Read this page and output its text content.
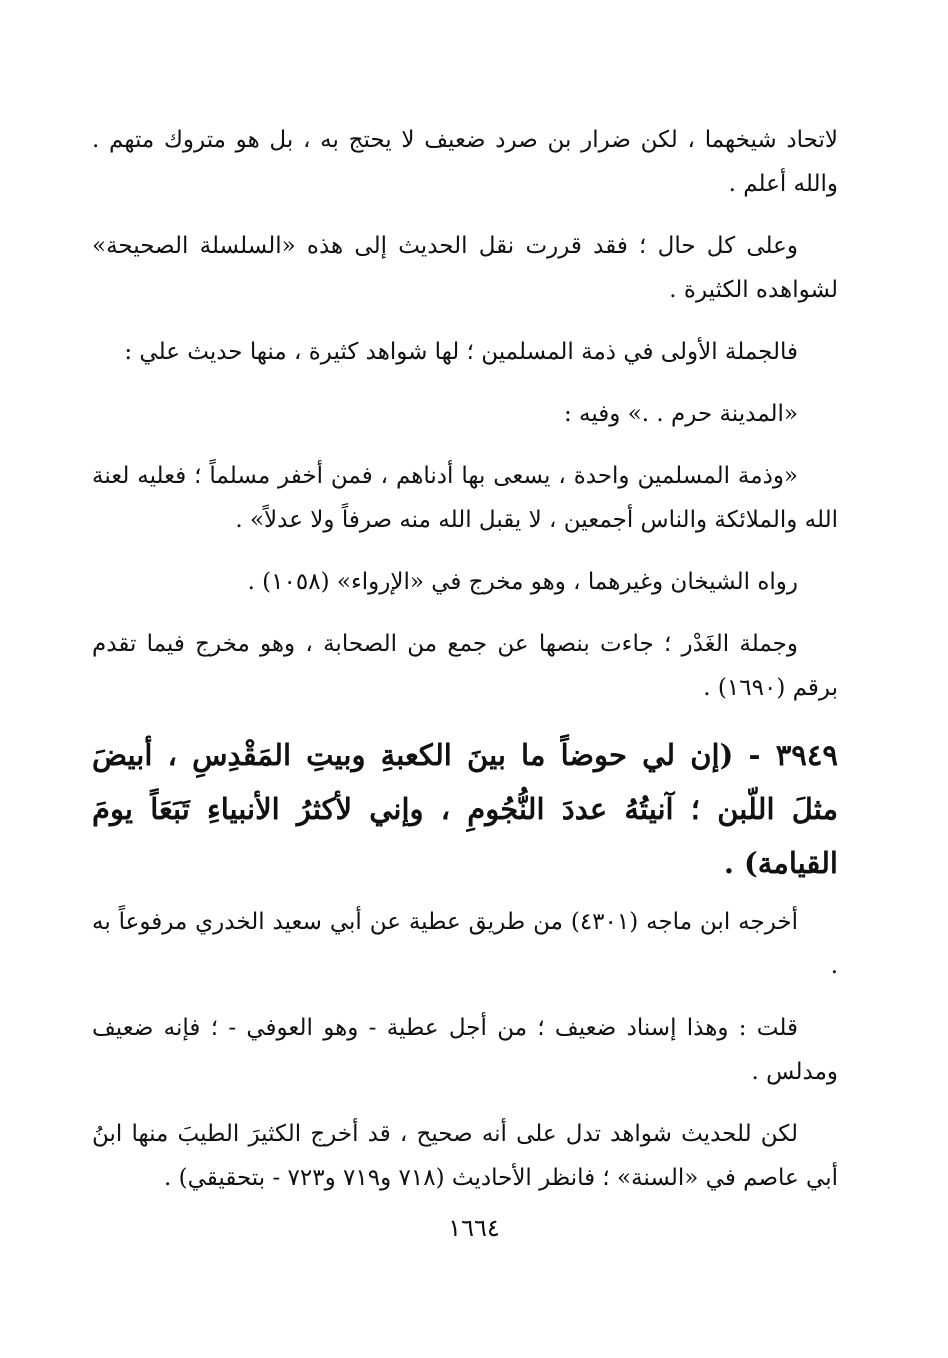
لاتحاد شيخهما ، لكن ضرار بن صرد ضعيف لا يحتج به ، بل هو متروك متهم . والله أعلم .

وعلى كل حال ؛ فقد قررت نقل الحديث إلى هذه «السلسلة الصحيحة» لشواهده الكثيرة .

فالجملة الأولى في ذمة المسلمين ؛ لها شواهد كثيرة ، منها حديث علي :

«المدينة حرم . .» وفيه :

«وذمة المسلمين واحدة ، يسعى بها أدناهم ، فمن أخفر مسلماً ؛ فعليه لعنة الله والملائكة والناس أجمعين ، لا يقبل الله منه صرفاً ولا عدلاً» .

رواه الشيخان وغيرهما ، وهو مخرج في «الإرواء» (١٠٥٨) .

وجملة الغَدْر ؛ جاءت بنصها عن جمع من الصحابة ، وهو مخرج فيما تقدم برقم (١٦٩٠) .

٣٩٤٩ - (إن لي حوضاً ما بينَ الكعبةِ وبيتِ المَقْدِسِ ، أبيضَ مثلَ اللّبن ؛ آنيتُهُ عددَ النُّجُومِ ، وإني لأكثرُ الأنبياءِ تَبَعَاً يومَ القيامة) .

أخرجه ابن ماجه (٤٣٠١) من طريق عطية عن أبي سعيد الخدري مرفوعاً به .

قلت : وهذا إسناد ضعيف ؛ من أجل عطية - وهو العوفي - ؛ فإنه ضعيف ومدلس .

لكن للحديث شواهد تدل على أنه صحيح ، قد أخرج الكثيرَ الطيبَ منها ابنُ أبي عاصم في «السنة» ؛ فانظر الأحاديث (٧١٨ و٧١٩ و٧٢٣ - بتحقيقي) .

١٦٦٤
